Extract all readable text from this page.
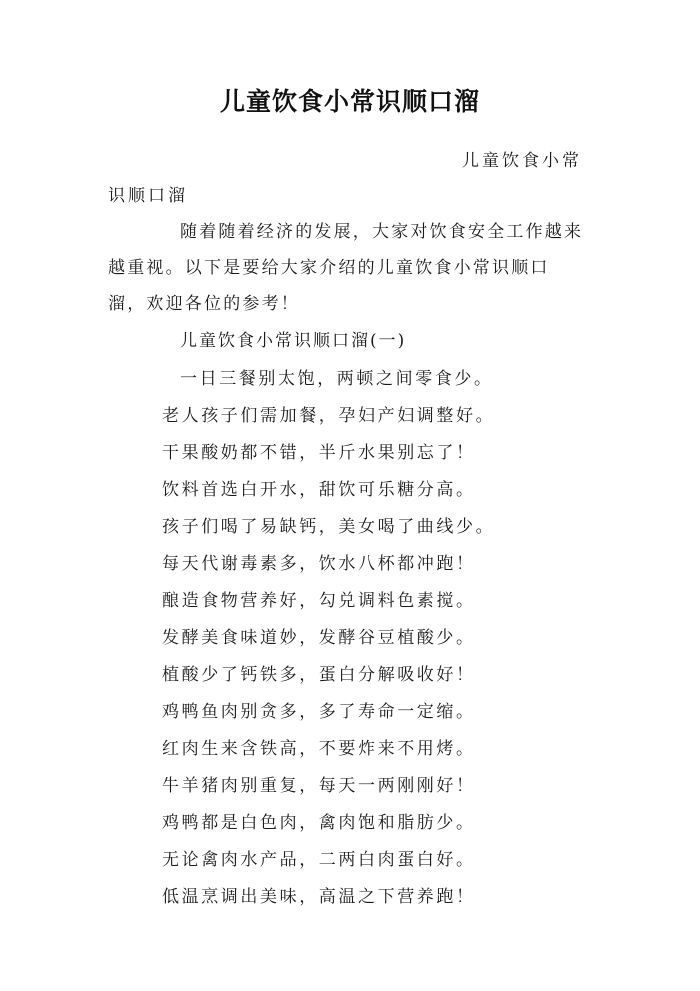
儿童饮食小常识顺口溜

儿童饮食小常

识顺口溜

随着随着经济的发展，大家对饮食安全工作越来越重视。以下是要给大家介绍的儿童饮食小常识顺口溜，欢迎各位的参考！

儿童饮食小常识顺口溜(一)

一日三餐别太饱，两顿之间零食少。
老人孩子们需加餐，孕妇产妇调整好。
干果酸奶都不错，半斤水果别忘了！
饮料首选白开水，甜饮可乐糖分高。
孩子们喝了易缺钙，美女喝了曲线少。
每天代谢毒素多，饮水八杯都冲跑！
酿造食物营养好，勾兑调料色素搅。
发酵美食味道妙，发酵谷豆植酸少。
植酸少了钙铁多，蛋白分解吸收好！
鸡鸭鱼肉别贪多，多了寿命一定缩。
红肉生来含铁高，不要炸来不用烤。
牛羊猪肉别重复，每天一两刚刚好！
鸡鸭都是白色肉，禽肉饱和脂肪少。
无论禽肉水产品，二两白肉蛋白好。
低温烹调出美味，高温之下营养跑！
